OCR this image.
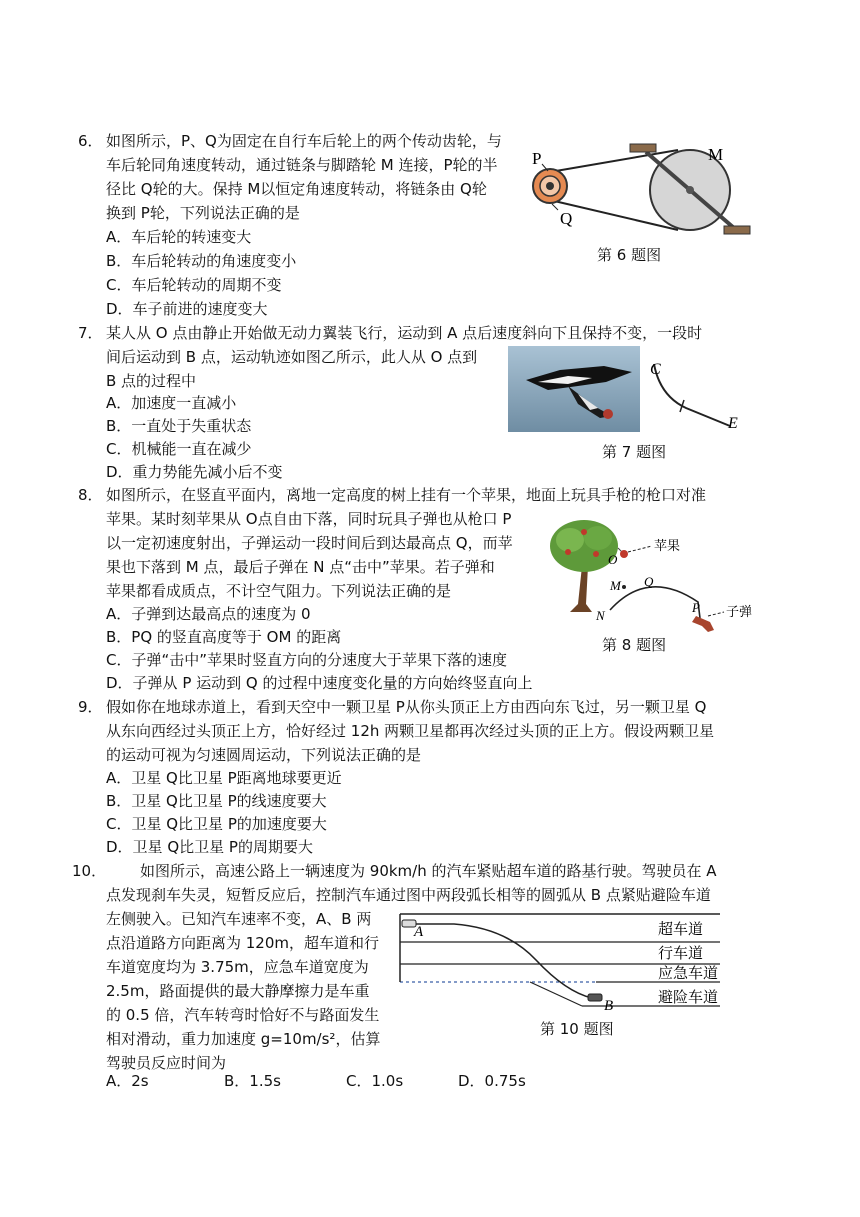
6． 如图所示，P、Q为固定在自行车后轮上的两个传动齿轮，与
车后轮同角速度转动，通过链条与脚踏轮 M 连接，P轮的半
径比 Q轮的大。保持 M以恒定角速度转动，将链条由 Q轮
换到 P轮，下列说法正确的是
A．车后轮的转速变大
B．车后轮转动的角速度变小
C．车后轮转动的周期不变
D．车子前进的速度变大
P
Q
M
第 6 题图
7． 某人从 O 点由静止开始做无动力翼装飞行，运动到 A 点后速度斜向下且保持不变，一段时
间后运动到 B 点，运动轨迹如图乙所示，此人从 O 点到
B 点的过程中
A．加速度一直减小
B．一直处于失重状态
C．机械能一直在减少
D．重力势能先减小后不变
C
E
第 7 题图
8． 如图所示，在竖直平面内，离地一定高度的树上挂有一个苹果，地面上玩具手枪的枪口对准
苹果。某时刻苹果从 O点自由下落，同时玩具子弹也从枪口 P
以一定初速度射出，子弹运动一段时间后到达最高点 Q，而苹
果也下落到 M 点，最后子弹在 N 点“击中”苹果。若子弹和
苹果都看成质点，不计空气阻力。下列说法正确的是
A．子弹到达最高点的速度为 0
B．PQ 的竖直高度等于 OM 的距离
C．子弹“击中”苹果时竖直方向的分速度大于苹果下落的速度
D．子弹从 P 运动到 Q 的过程中速度变化量的方向始终竖直向上
苹果
子弹
O
M Q
N
P
第 8 题图
9． 假如你在地球赤道上，看到天空中一颗卫星 P从你头顶正上方由西向东飞过，另一颗卫星 Q
从东向西经过头顶正上方，恰好经过 12h 两颗卫星都再次经过头顶的正上方。假设两颗卫星
的运动可视为匀速圆周运动，下列说法正确的是
A．卫星 Q比卫星 P距离地球要更近
B．卫星 Q比卫星 P的线速度要大
C．卫星 Q比卫星 P的加速度要大
D．卫星 Q比卫星 P的周期要大
10． 如图所示，高速公路上一辆速度为 90km/h 的汽车紧贴超车道的路基行驶。驾驶员在 A
点发现刹车失灵，短暂反应后，控制汽车通过图中两段弧长相等的圆弧从 B 点紧贴避险车道
左侧驶入。已知汽车速率不变，A、B 两
点沿道路方向距离为 120m，超车道和行
车道宽度均为 3.75m，应急车道宽度为
2.5m，路面提供的最大静摩擦力是车重
的 0.5 倍，汽车转弯时恰好不与路面发生
相对滑动，重力加速度 g=10m/s²，估算
驾驶员反应时间为
A．2s	B．1.5s	C．1.0s	D．0.75s
A
B
超车道
行车道
应急车道
避险车道
第 10 题图
